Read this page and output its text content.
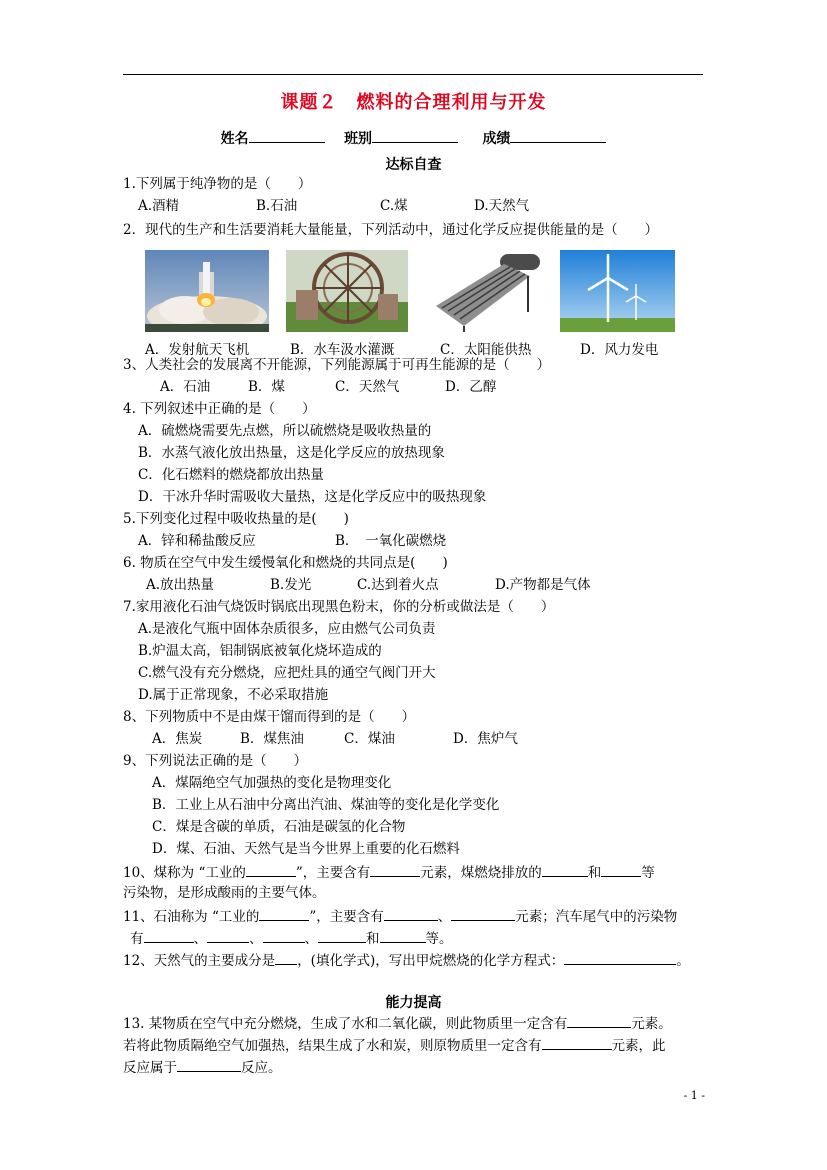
课题２　燃料的合理利用与开发
姓名	班别	成绩
达标自查
1.下列属于纯净物的是（　　）
A.酒精	B.石油	C.煤	D.天然气
2．现代的生产和生活要消耗大量能量，下列活动中，通过化学反应提供能量的是（　　）
A．发射航天飞机	B．水车汲水灌溉	C．太阳能供热	D．风力发电
3、人类社会的发展离不开能源，下列能源属于可再生能源的是（　　）
A．石油	B．煤	C．天然气	D．乙醇
4. 下列叙述中正确的是（　　）
A．硫燃烧需要先点燃，所以硫燃烧是吸收热量的
B．水蒸气液化放出热量，这是化学反应的放热现象
C．化石燃料的燃烧都放出热量
D．干冰升华时需吸收大量热，这是化学反应中的吸热现象
5.下列变化过程中吸收热量的是(　　)
A．锌和稀盐酸反应	B．　一氧化碳燃烧
6. 物质在空气中发生缓慢氧化和燃烧的共同点是(　　)
A.放出热量	B.发光	C.达到着火点	D.产物都是气体
7.家用液化石油气烧饭时锅底出现黑色粉末，你的分析或做法是（　　）
A.是液化气瓶中固体杂质很多，应由燃气公司负责
B.炉温太高，铝制锅底被氧化烧坏造成的
C.燃气没有充分燃烧，应把灶具的通空气阀门开大
D.属于正常现象，不必采取措施
8、下列物质中不是由煤干馏而得到的是（　　）
A．焦炭	B．煤焦油	C．煤油	D．焦炉气
9、下列说法正确的是（　　）
A．煤隔绝空气加强热的变化是物理变化
B．工业上从石油中分离出汽油、煤油等的变化是化学变化
C．煤是含碳的单质，石油是碳氢的化合物
D．煤、石油、天然气是当今世界上重要的化石燃料
10、煤称为 “工业的	”，主要含有	元素，煤燃烧排放的	和	等
污染物，是形成酸雨的主要气体。
11、石油称为 “工业的	”，主要含有	、	元素；汽车尾气中的污染物
有	、	、	、	和	等。
12、天然气的主要成分是 ，(填化学式)，写出甲烷燃烧的化学方程式：	。
能力提高
13. 某物质在空气中充分燃烧，生成了水和二氧化碳，则此物质里一定含有	元素。
若将此物质隔绝空气加强热，结果生成了水和炭，则原物质里一定含有	元素，此
反应属于	反应。
- 1 -
